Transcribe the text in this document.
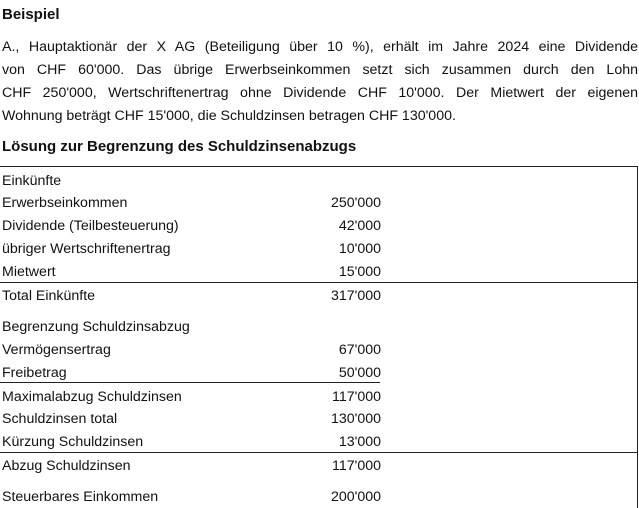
Beispiel

A., Hauptaktionär der X AG (Beteiligung über 10 %), erhält im Jahre 2024 eine Dividende
von CHF 60'000. Das übrige Erwerbseinkommen setzt sich zusammen durch den Lohn
CHF 250'000, Wertschriftenertrag ohne Dividende CHF 10'000. Der Mietwert der eigenen
Wohnung beträgt CHF 15'000, die Schuldzinsen betragen CHF 130'000.

Lösung zur Begrenzung des Schuldzinsenabzugs
Einkünfte
Erwerbseinkommen	250'000
Dividende (Teilbesteuerung)	42'000
übriger Wertschriftenertrag	10'000
Mietwert	15'000
Total Einkünfte	317'000
Begrenzung Schuldzinsabzug
Vermögensertrag	67'000
Freibetrag	50'000
Maximalabzug Schuldzinsen	117'000
Schuldzinsen total	130'000
Kürzung Schuldzinsen	13'000
Abzug Schuldzinsen	117'000
Steuerbares Einkommen	200'000
